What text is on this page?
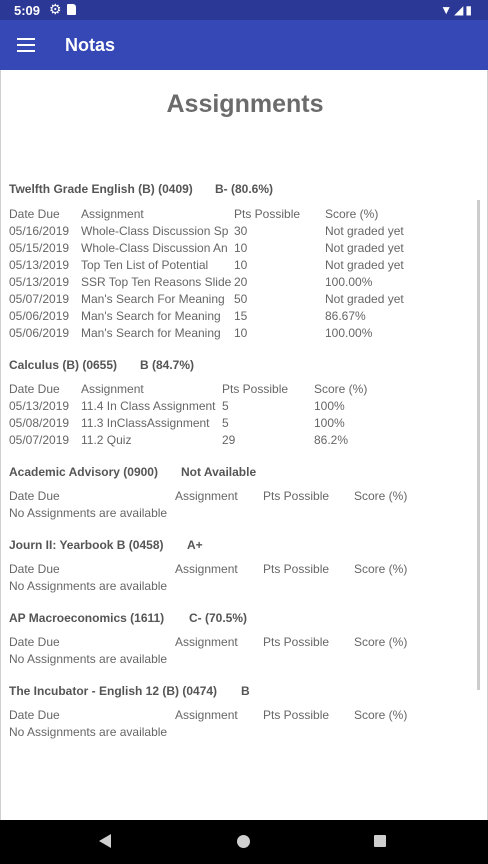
5:09 ⚙	▼◢▮
Notas
Assignments
Twelfth Grade English (B) (0409) B- (80.6%)
Date Due Assignment	Pts Possible Score (%)
05/16/2019 Whole-Class Discussion Sp 30	Not graded yet
05/15/2019 Whole-Class Discussion An 10	Not graded yet
05/13/2019 Top Ten List of Potential	10	Not graded yet
05/13/2019 SSR Top Ten Reasons Slide 20	100.00%
05/07/2019 Man's Search For Meaning 50	Not graded yet
05/06/2019 Man's Search for Meaning	15	86.67%
05/06/2019 Man's Search for Meaning	10	100.00%
Calculus (B) (0655) B (84.7%)
Date Due Assignment	Pts Possible Score (%)
05/13/2019 11.4 In Class Assignment 5	100%
05/08/2019 11.3 InClassAssignment	5	100%
05/07/2019 11.2 Quiz	29	86.2%
Academic Advisory (0900) Not Available
Date Due	Assignment Pts Possible Score (%)
No Assignments are available
Journ II: Yearbook B (0458) A+
Date Due	Assignment Pts Possible Score (%)
No Assignments are available
AP Macroeconomics (1611) C- (70.5%)
Date Due	Assignment Pts Possible Score (%)
No Assignments are available
The Incubator - English 12 (B) (0474) B
Date Due	Assignment Pts Possible Score (%)
No Assignments are available
